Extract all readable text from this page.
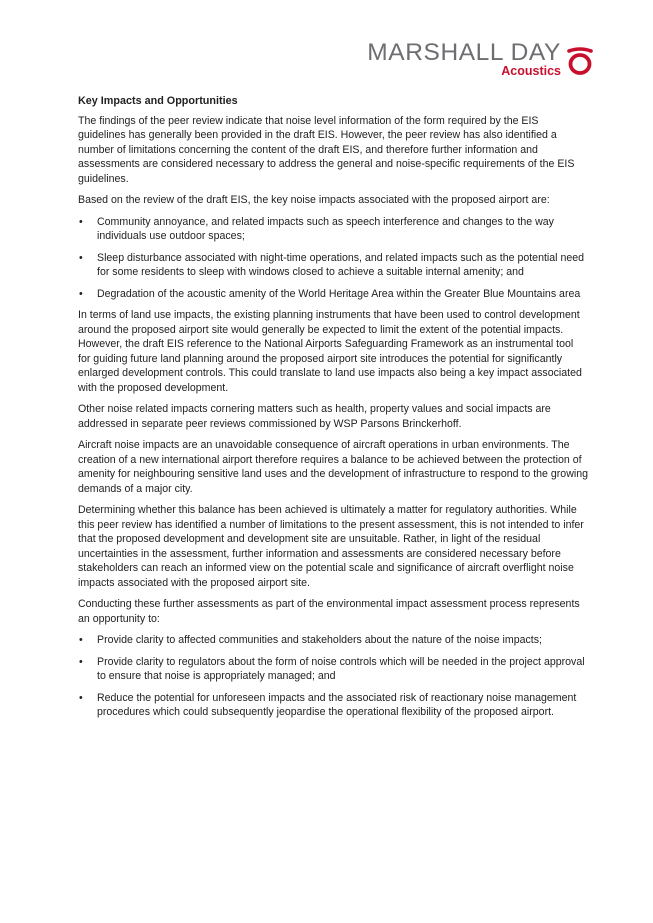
MARSHALL DAY
Acoustics
Key Impacts and Opportunities

The findings of the peer review indicate that noise level information of the form required by the EIS guidelines has generally been provided in the draft EIS. However, the peer review has also identified a number of limitations concerning the content of the draft EIS, and therefore further information and assessments are considered necessary to address the general and noise-specific requirements of the EIS guidelines.

Based on the review of the draft EIS, the key noise impacts associated with the proposed airport are:

• Community annoyance, and related impacts such as speech interference and changes to the way individuals use outdoor spaces;
• Sleep disturbance associated with night-time operations, and related impacts such as the potential need for some residents to sleep with windows closed to achieve a suitable internal amenity; and
• Degradation of the acoustic amenity of the World Heritage Area within the Greater Blue Mountains area

In terms of land use impacts, the existing planning instruments that have been used to control development around the proposed airport site would generally be expected to limit the extent of the potential impacts. However, the draft EIS reference to the National Airports Safeguarding Framework as an instrumental tool for guiding future land planning around the proposed airport site introduces the potential for significantly enlarged development controls. This could translate to land use impacts also being a key impact associated with the proposed development.

Other noise related impacts cornering matters such as health, property values and social impacts are addressed in separate peer reviews commissioned by WSP Parsons Brinckerhoff.

Aircraft noise impacts are an unavoidable consequence of aircraft operations in urban environments. The creation of a new international airport therefore requires a balance to be achieved between the protection of amenity for neighbouring sensitive land uses and the development of infrastructure to respond to the growing demands of a major city.

Determining whether this balance has been achieved is ultimately a matter for regulatory authorities. While this peer review has identified a number of limitations to the present assessment, this is not intended to infer that the proposed development and development site are unsuitable. Rather, in light of the residual uncertainties in the assessment, further information and assessments are considered necessary before stakeholders can reach an informed view on the potential scale and significance of aircraft overflight noise impacts associated with the proposed airport site.

Conducting these further assessments as part of the environmental impact assessment process represents an opportunity to:

• Provide clarity to affected communities and stakeholders about the nature of the noise impacts;
• Provide clarity to regulators about the form of noise controls which will be needed in the project approval to ensure that noise is appropriately managed; and
• Reduce the potential for unforeseen impacts and the associated risk of reactionary noise management procedures which could subsequently jeopardise the operational flexibility of the proposed airport.
